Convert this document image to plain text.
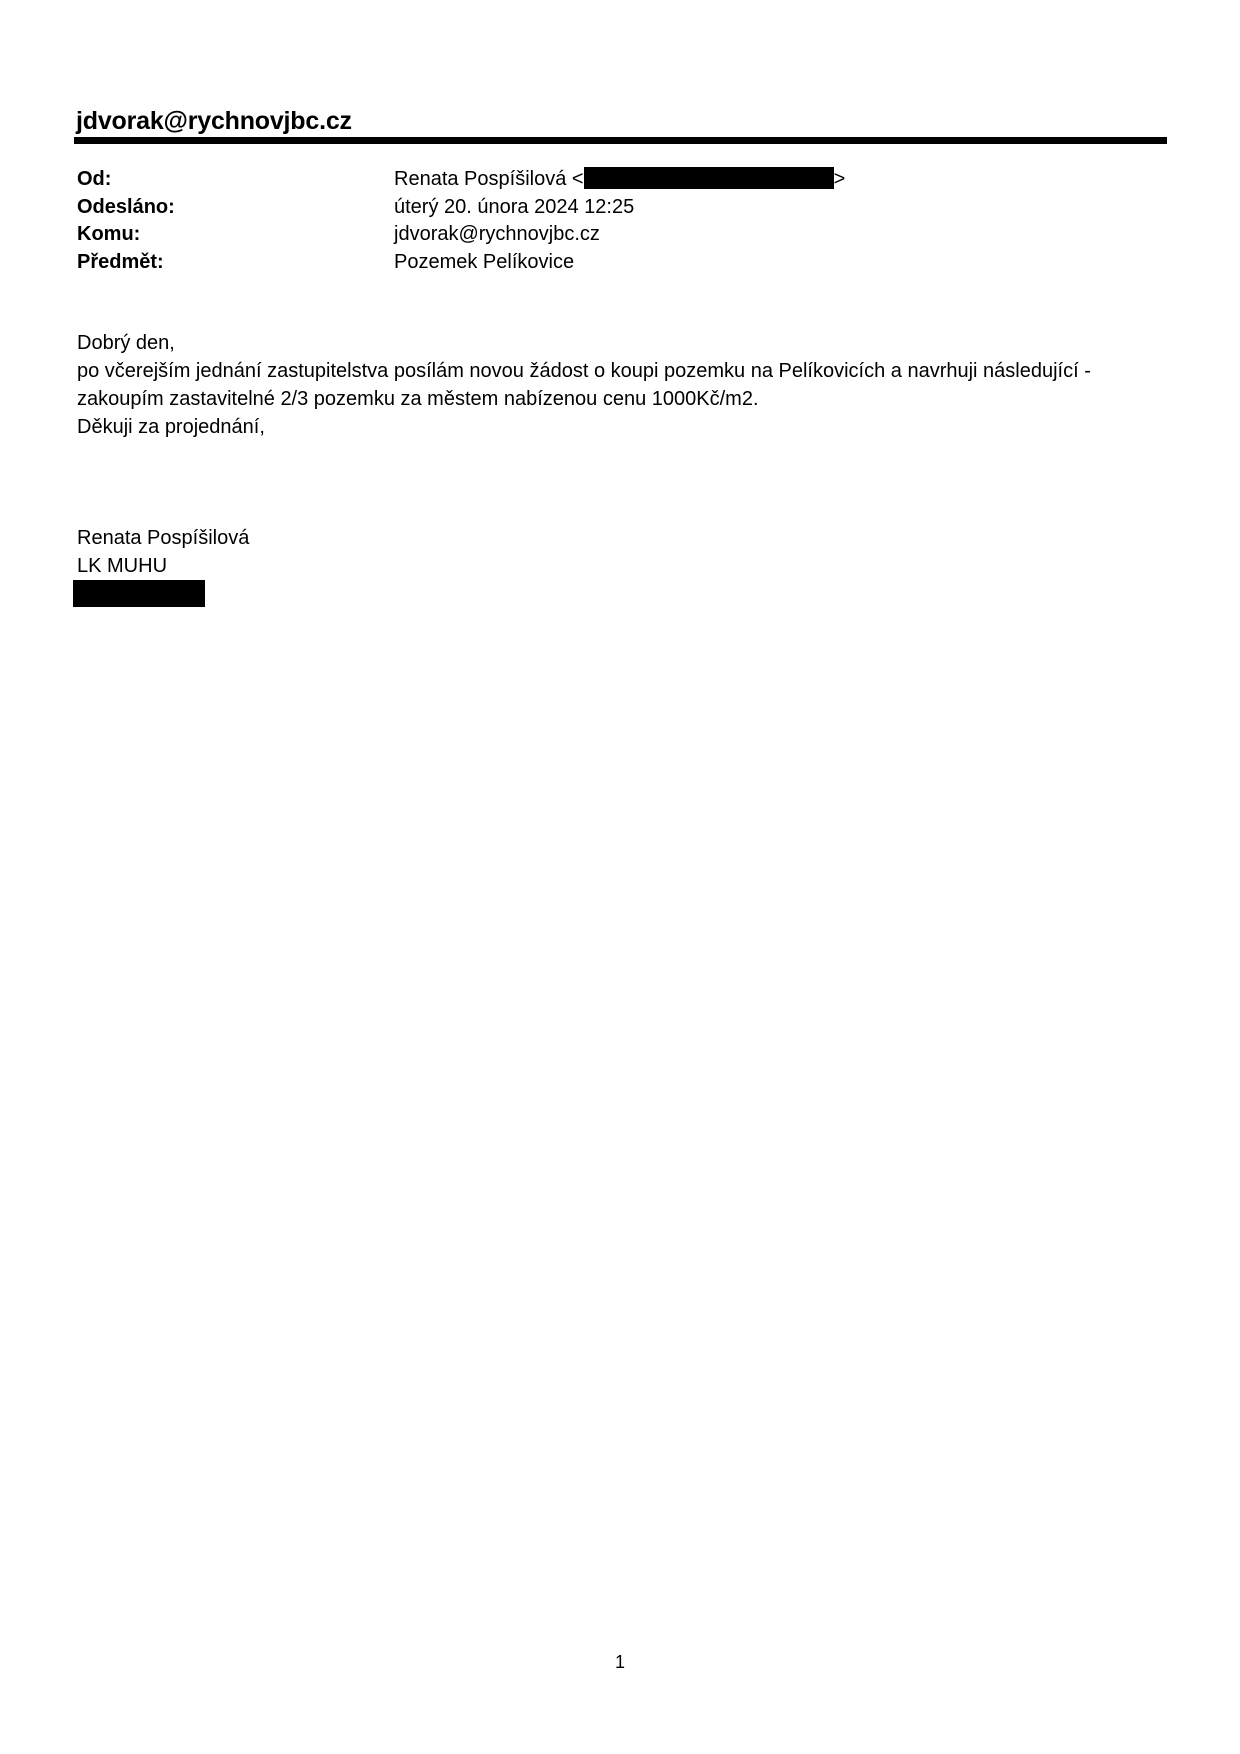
jdvorak@rychnovjbc.cz
Od:	Renata Pospíšilová <	>
Odesláno:	úterý 20. února 2024 12:25
Komu:	jdvorak@rychnovjbc.cz
Předmět:	Pozemek Pelíkovice

Dobrý den,

po včerejším jednání zastupitelstva posílám novou žádost o koupi pozemku na Pelíkovicích a navrhuji následující -

zakoupím zastavitelné 2/3 pozemku za městem nabízenou cenu 1000Kč/m2.

Děkuji za projednání,

Renata Pospíšilová

LK MUHU

1
